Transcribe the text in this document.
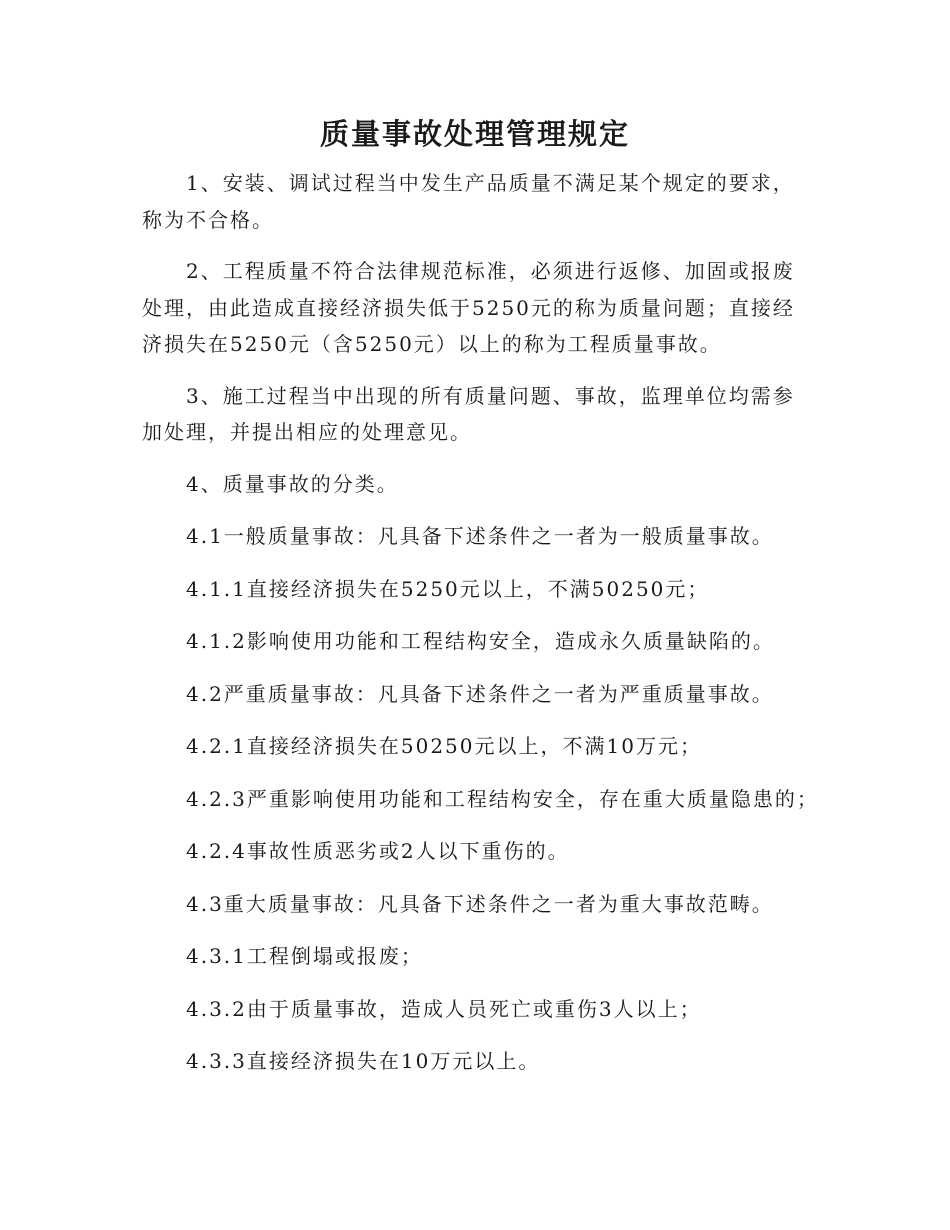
质量事故处理管理规定

1、安装、调试过程当中发生产品质量不满足某个规定的要求，称为不合格。

2、工程质量不符合法律规范标准，必须进行返修、加固或报废处理，由此造成直接经济损失低于5250元的称为质量问题；直接经济损失在5250元（含5250元）以上的称为工程质量事故。

3、施工过程当中出现的所有质量问题、事故，监理单位均需参加处理，并提出相应的处理意见。

4、质量事故的分类。

4.1一般质量事故：凡具备下述条件之一者为一般质量事故。

4.1.1直接经济损失在5250元以上，不满50250元；

4.1.2影响使用功能和工程结构安全，造成永久质量缺陷的。

4.2严重质量事故：凡具备下述条件之一者为严重质量事故。

4.2.1直接经济损失在50250元以上，不满10万元；

4.2.3严重影响使用功能和工程结构安全，存在重大质量隐患的；

4.2.4事故性质恶劣或2人以下重伤的。

4.3重大质量事故：凡具备下述条件之一者为重大事故范畴。

4.3.1工程倒塌或报废；

4.3.2由于质量事故，造成人员死亡或重伤3人以上；

4.3.3直接经济损失在10万元以上。
